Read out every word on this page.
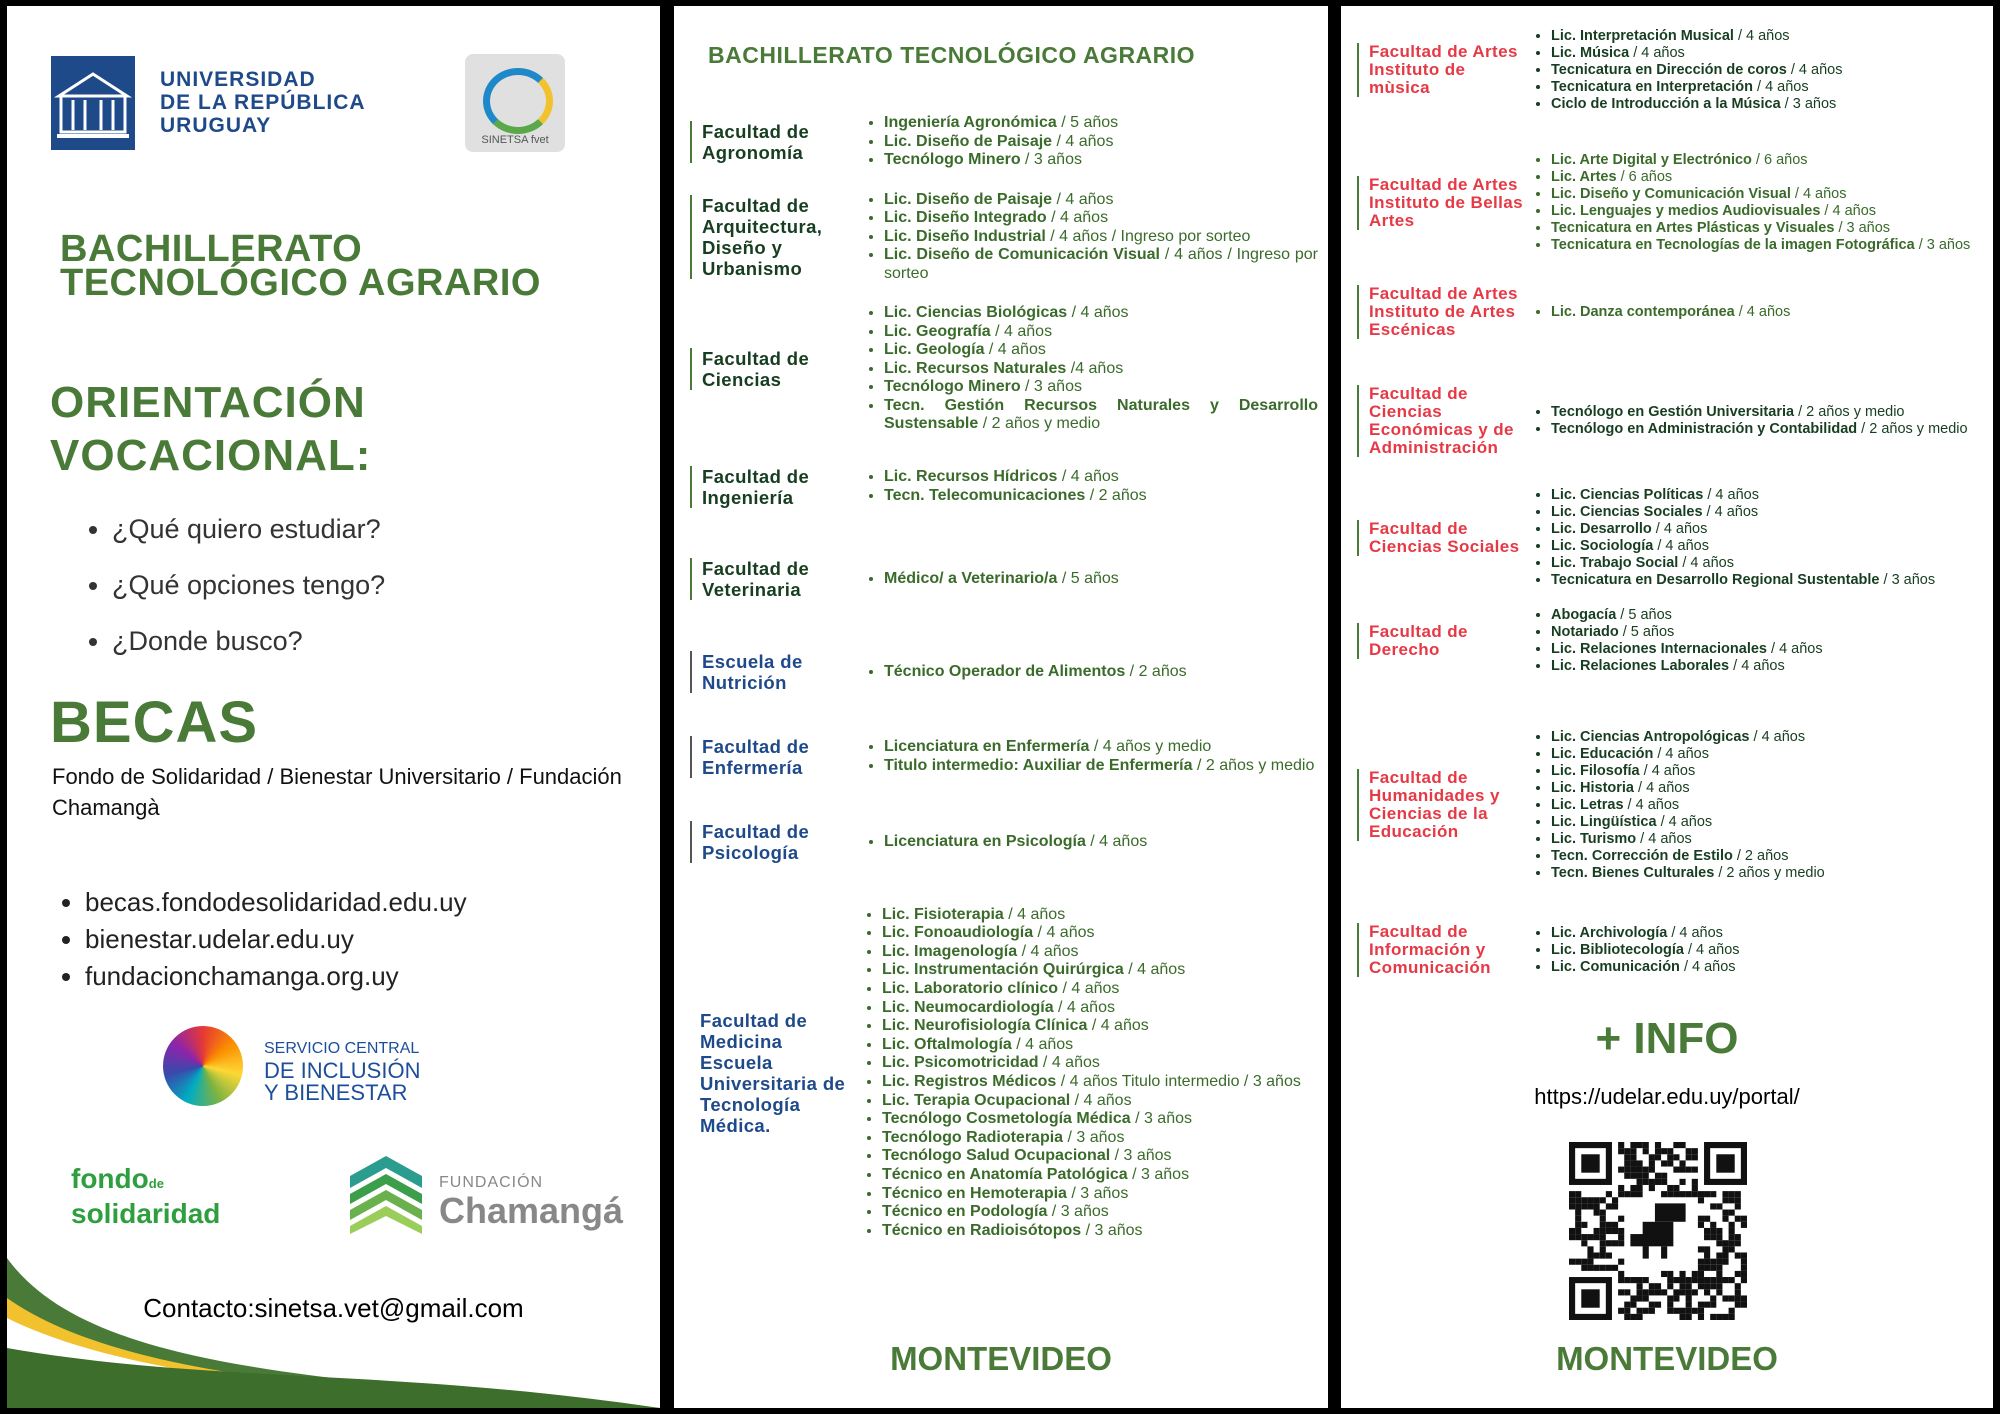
UNIVERSIDAD
DE LA REPÚBLICA
URUGUAY
SINETSA fvet
BACHILLERATO
TECNOLÓGICO AGRARIO
ORIENTACIÓN
VOCACIONAL:
• ¿Qué quiero estudiar?
• ¿Qué opciones tengo?
• ¿Donde busco?
BECAS

Fondo de Solidaridad / Bienestar Universitario / Fundación Chamangà

• becas.fondodesolidaridad.edu.uy
• bienestar.udelar.edu.uy
• fundacionchamanga.org.uy
SERVICIO CENTRAL
DE INCLUSIÓN
Y BIENESTAR
fondode
solidaridad
FUNDACIÓN
Chamangá
Contacto:sinetsa.vet@gmail.com
BACHILLERATO TECNOLÓGICO AGRARIO
Facultad de Agronomía
• Ingeniería Agronómica / 5 años
• Lic. Diseño de Paisaje / 4 años
• Tecnólogo Minero / 3 años
Facultad de Arquitectura, Diseño y Urbanismo
• Lic. Diseño de Paisaje / 4 años
• Lic. Diseño Integrado / 4 años
• Lic. Diseño Industrial / 4 años / Ingreso por sorteo
• Lic. Diseño de Comunicación Visual / 4 años / Ingreso por sorteo
Facultad de Ciencias
• Lic. Ciencias Biológicas / 4 años
• Lic. Geografía / 4 años
• Lic. Geología / 4 años
• Lic. Recursos Naturales /4 años
• Tecnólogo Minero / 3 años
• Tecn. Gestión Recursos Naturales y Desarrollo Sustensable / 2 años y medio
Facultad de Ingeniería
• Lic. Recursos Hídricos / 4 años
• Tecn. Telecomunicaciones / 2 años
Facultad de Veterinaria
• Médico/ a Veterinario/a / 5 años
Escuela de Nutrición
• Técnico Operador de Alimentos / 2 años
Facultad de Enfermería
• Licenciatura en Enfermería / 4 años y medio
• Titulo intermedio: Auxiliar de Enfermería / 2 años y medio
Facultad de Psicología
• Licenciatura en Psicología / 4 años
Facultad de Medicina Escuela Universitaria de Tecnología Médica.
• Lic. Fisioterapia / 4 años
• Lic. Fonoaudiología / 4 años
• Lic. Imagenología / 4 años
• Lic. Instrumentación Quirúrgica / 4 años
• Lic. Laboratorio clínico / 4 años
• Lic. Neumocardiología / 4 años
• Lic. Neurofisiología Clínica / 4 años
• Lic. Oftalmología / 4 años
• Lic. Psicomotricidad / 4 años
• Lic. Registros Médicos / 4 años Titulo intermedio / 3 años
• Lic. Terapia Ocupacional / 4 años
• Tecnólogo Cosmetología Médica / 3 años
• Tecnólogo Radioterapia / 3 años
• Tecnólogo Salud Ocupacional / 3 años
• Técnico en Anatomía Patológica / 3 años
• Técnico en Hemoterapia / 3 años
• Técnico en Podología / 3 años
• Técnico en Radioisótopos / 3 años
MONTEVIDEO
Facultad de Artes Instituto de mùsica
• Lic. Interpretación Musical / 4 años
• Lic. Música / 4 años
• Tecnicatura en Dirección de coros / 4 años
• Tecnicatura en Interpretación / 4 años
• Ciclo de Introducción a la Música / 3 años
Facultad de Artes Instituto de Bellas Artes
• Lic. Arte Digital y Electrónico / 6 años
• Lic. Artes / 6 años
• Lic. Diseño y Comunicación Visual / 4 años
• Lic. Lenguajes y medios Audiovisuales / 4 años
• Tecnicatura en Artes Plásticas y Visuales / 3 años
• Tecnicatura en Tecnologías de la imagen Fotográfica / 3 años
Facultad de Artes Instituto de Artes Escénicas
• Lic. Danza contemporánea / 4 años
Facultad de Ciencias Económicas y de Administración
• Tecnólogo en Gestión Universitaria / 2 años y medio
• Tecnólogo en Administración y Contabilidad / 2 años y medio
Facultad de Ciencias Sociales
• Lic. Ciencias Políticas / 4 años
• Lic. Ciencias Sociales / 4 años
• Lic. Desarrollo / 4 años
• Lic. Sociología / 4 años
• Lic. Trabajo Social / 4 años
• Tecnicatura en Desarrollo Regional Sustentable / 3 años
Facultad de Derecho
• Abogacía / 5 años
• Notariado / 5 años
• Lic. Relaciones Internacionales / 4 años
• Lic. Relaciones Laborales / 4 años
Facultad de Humanidades y Ciencias de la Educación
• Lic. Ciencias Antropológicas / 4 años
• Lic. Educación / 4 años
• Lic. Filosofía / 4 años
• Lic. Historia / 4 años
• Lic. Letras / 4 años
• Lic. Lingüística / 4 años
• Lic. Turismo / 4 años
• Tecn. Corrección de Estilo / 2 años
• Tecn. Bienes Culturales / 2 años y medio
Facultad de Información y Comunicación
• Lic. Archivología / 4 años
• Lic. Bibliotecología / 4 años
• Lic. Comunicación / 4 años
+ INFO

https://udelar.edu.uy/portal/

MONTEVIDEO
